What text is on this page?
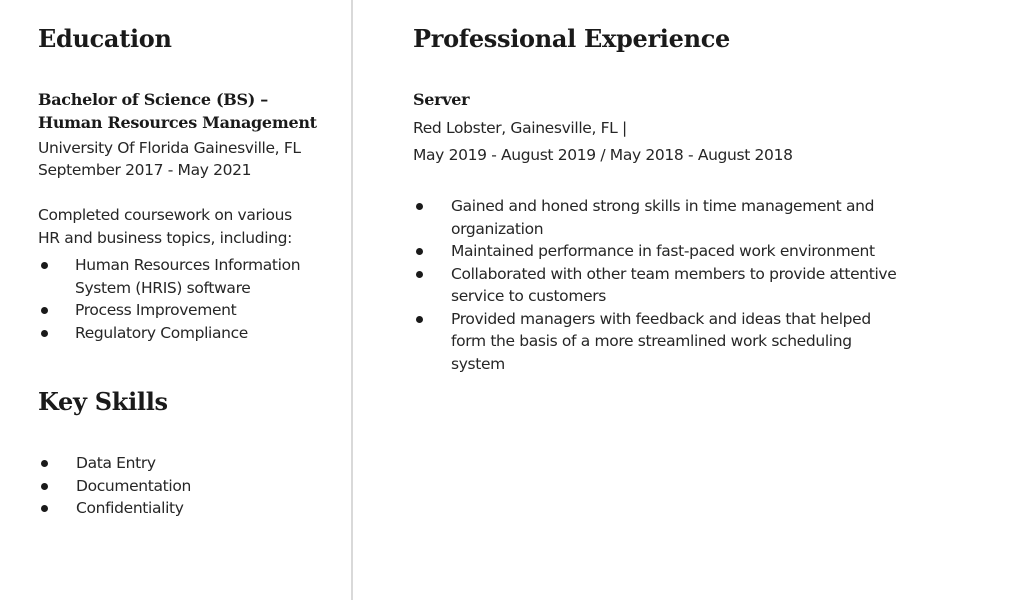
Education
Bachelor of Science (BS) –
Human Resources Management

University Of Florida Gainesville, FL

September 2017 - May 2021

Completed coursework on various

HR and business topics, including:

Human Resources Information
System (HRIS) software
Process Improvement
Regulatory Compliance
Key Skills
Data Entry
Documentation
Confidentiality
Professional Experience
Server

Red Lobster, Gainesville, FL |

May 2019 - August 2019 / May 2018 - August 2018

Gained and honed strong skills in time management and
organization
Maintained performance in fast-paced work environment
Collaborated with other team members to provide attentive
service to customers
Provided managers with feedback and ideas that helped
form the basis of a more streamlined work scheduling
system
